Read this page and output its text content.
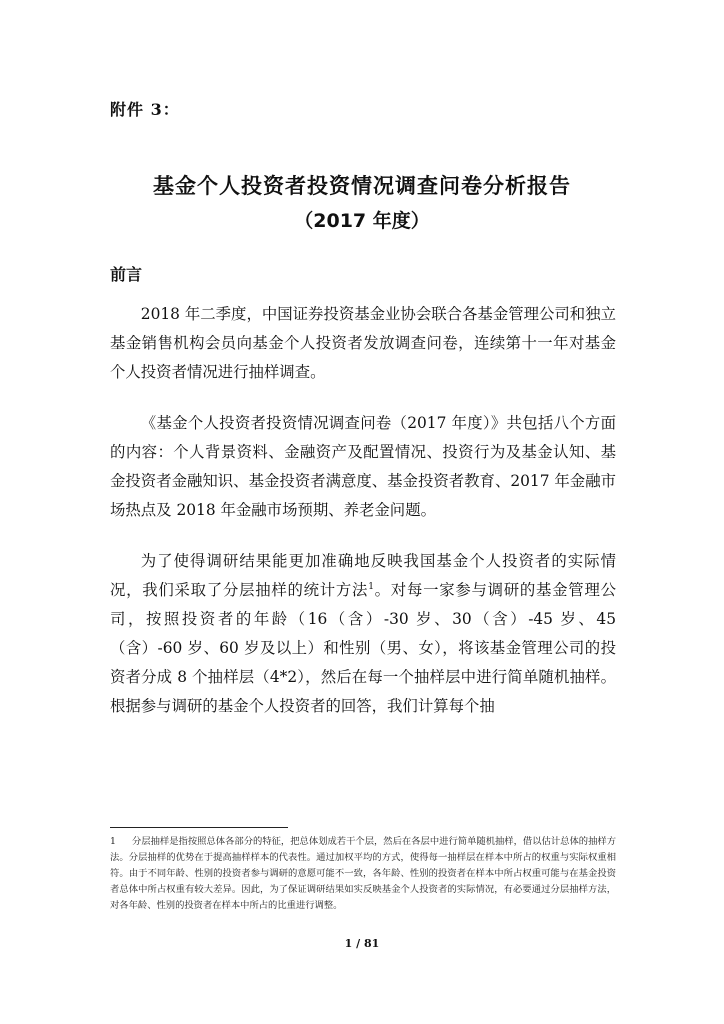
附件 3：
基金个人投资者投资情况调查问卷分析报告
（2017 年度）
前言

2018 年二季度，中国证券投资基金业协会联合各基金管理公司和独立基金销售机构会员向基金个人投资者发放调查问卷，连续第十一年对基金个人投资者情况进行抽样调查。

《基金个人投资者投资情况调查问卷（2017 年度）》共包括八个方面的内容：个人背景资料、金融资产及配置情况、投资行为及基金认知、基金投资者金融知识、基金投资者满意度、基金投资者教育、2017 年金融市场热点及 2018 年金融市场预期、养老金问题。

为了使得调研结果能更加准确地反映我国基金个人投资者的实际情况，我们采取了分层抽样的统计方法$^1$。对每一家参与调研的基金管理公司，按照投资者的年龄（16（含）-30 岁、30（含）-45 岁、45（含）-60 岁、60 岁及以上）和性别（男、女），将该基金管理公司的投资者分成 8 个抽样层（4*2），然后在每一个抽样层中进行简单随机抽样。根据参与调研的基金个人投资者的回答，我们计算每个抽

1 分层抽样是指按照总体各部分的特征，把总体划成若干个层，然后在各层中进行简单随机抽样，借以估计总体的抽样方法。分层抽样的优势在于提高抽样样本的代表性。通过加权平均的方式，使得每一抽样层在样本中所占的权重与实际权重相符。由于不同年龄、性别的投资者参与调研的意愿可能不一致，各年龄、性别的投资者在样本中所占权重可能与在基金投资者总体中所占权重有较大差异。因此，为了保证调研结果如实反映基金个人投资者的实际情况，有必要通过分层抽样方法，对各年龄、性别的投资者在样本中所占的比重进行调整。
1 / 81
